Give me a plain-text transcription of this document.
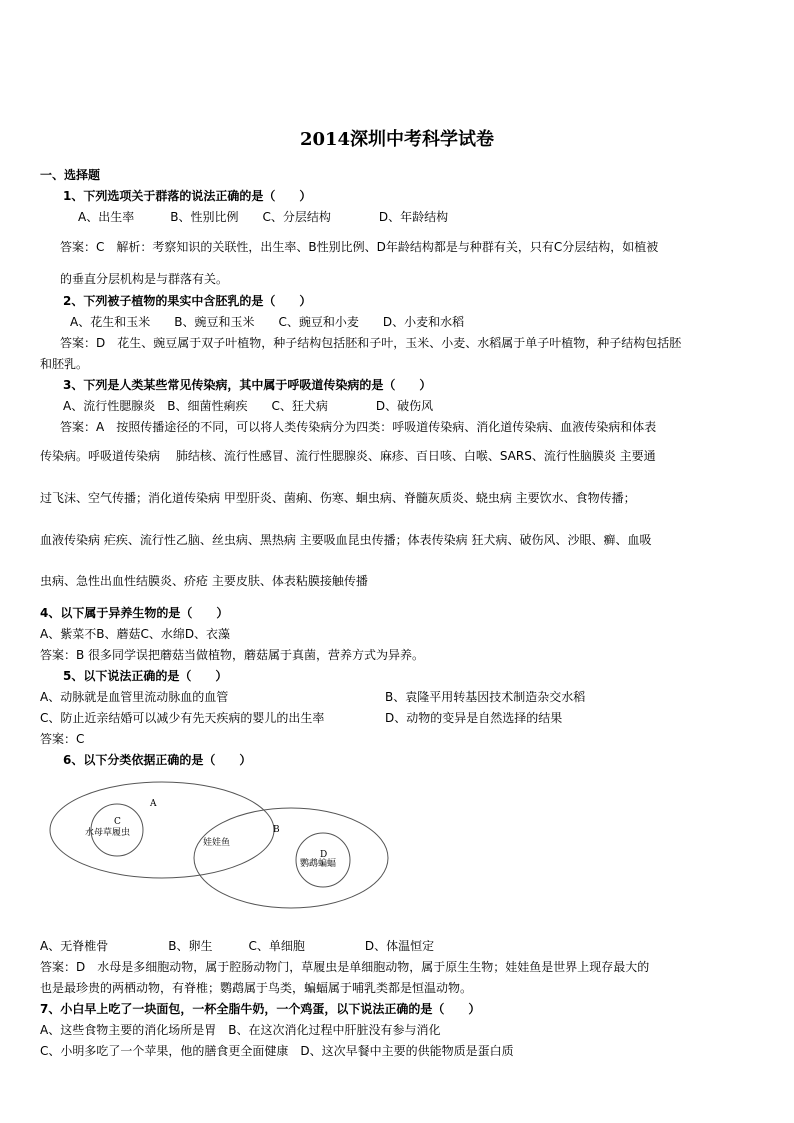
2014深圳中考科学试卷
一、选择题
1、下列选项关于群落的说法正确的是（　　）
A、出生率　　　B、性别比例　　C、分层结构　　　　D、年龄结构
答案：C　解析：考察知识的关联性，出生率、B性别比例、D年龄结构都是与种群有关，只有C分层结构，如植被
的垂直分层机构是与群落有关。
2、下列被子植物的果实中含胚乳的是（　　）
A、花生和玉米　　B、豌豆和玉米　　C、豌豆和小麦　　D、小麦和水稻
答案：D　花生、豌豆属于双子叶植物，种子结构包括胚和子叶，玉米、小麦、水稻属于单子叶植物，种子结构包括胚
和胚乳。
3、下列是人类某些常见传染病，其中属于呼吸道传染病的是（　　）
A、流行性腮腺炎　B、细菌性痢疾　　C、狂犬病　　　　D、破伤风
答案：A　按照传播途径的不同，可以将人类传染病分为四类：呼吸道传染病、消化道传染病、血液传染病和体表
传染病。呼吸道传染病　 肺结核、流行性感冒、流行性腮腺炎、麻疹、百日咳、白喉、SARS、流行性脑膜炎 主要通
过飞沫、空气传播；消化道传染病 甲型肝炎、菌痢、伤寒、蛔虫病、脊髓灰质炎、蛲虫病 主要饮水、食物传播；
血液传染病 疟疾、流行性乙脑、丝虫病、黑热病 主要吸血昆虫传播；体表传染病 狂犬病、破伤风、沙眼、癣、血吸
虫病、急性出血性结膜炎、疥疮 主要皮肤、体表粘膜接触传播
4、以下属于异养生物的是（　　）
A、紫菜不B、蘑菇C、水绵D、衣藻
答案：B 很多同学误把蘑菇当做植物，蘑菇属于真菌，营养方式为异养。
5、以下说法正确的是（　　）
A、动脉就是血管里流动脉血的血管	B、袁隆平用转基因技术制造杂交水稻
C、防止近亲结婚可以减少有先天疾病的婴儿的出生率	D、动物的变异是自然选择的结果
答案：C
6、以下分类依据正确的是（　　）
A
B
C
D
水母草履虫
娃娃鱼
鹦鹉蝙蝠
A、无脊椎骨　　　　　B、卵生　　　C、单细胞　　　　　D、体温恒定
答案：D　水母是多细胞动物，属于腔肠动物门，草履虫是单细胞动物，属于原生生物；娃娃鱼是世界上现存最大的
也是最珍贵的两栖动物，有脊椎；鹦鹉属于鸟类，蝙蝠属于哺乳类都是恒温动物。
7、小白早上吃了一块面包，一杯全脂牛奶，一个鸡蛋，以下说法正确的是（　　）
A、这些食物主要的消化场所是胃　B、在这次消化过程中肝脏没有参与消化
C、小明多吃了一个苹果，他的膳食更全面健康　D、这次早餐中主要的供能物质是蛋白质
